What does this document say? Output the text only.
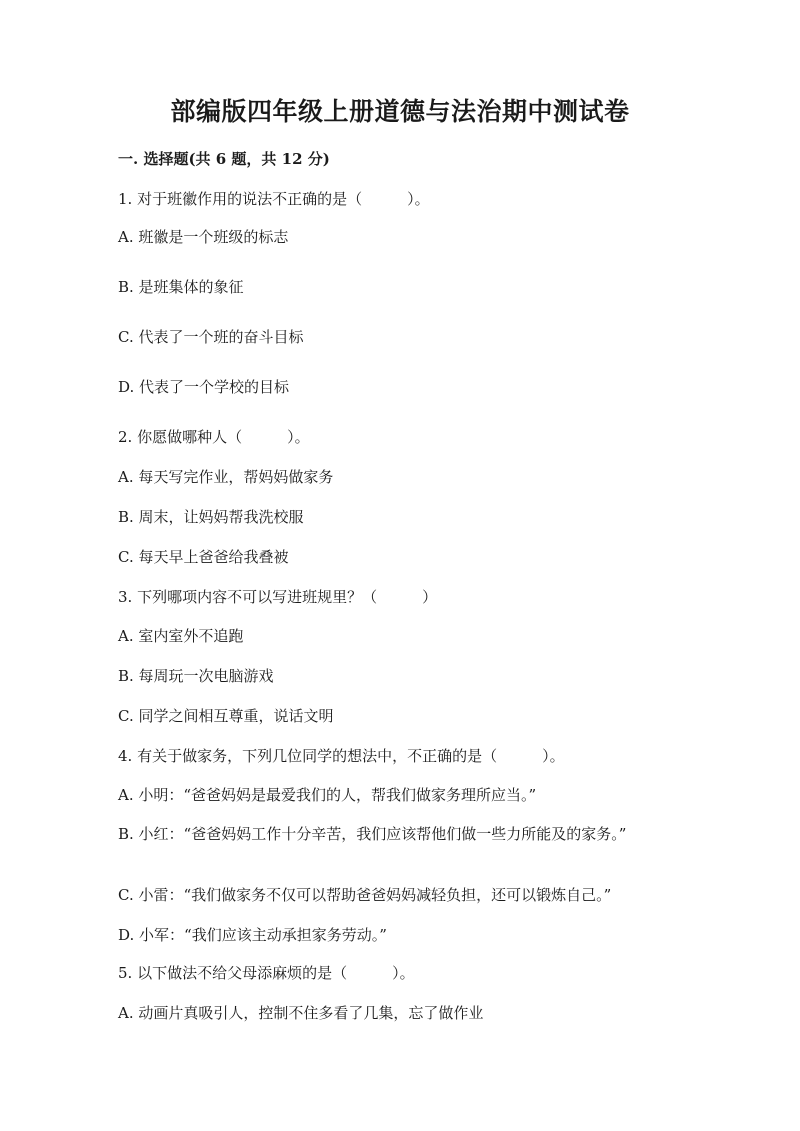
部编版四年级上册道德与法治期中测试卷
一. 选择题(共 6 题，共 12 分)
1. 对于班徽作用的说法不正确的是（　　　）。
A. 班徽是一个班级的标志
B. 是班集体的象征
C. 代表了一个班的奋斗目标
D. 代表了一个学校的目标
2. 你愿做哪种人（　　　）。
A. 每天写完作业，帮妈妈做家务
B. 周末，让妈妈帮我洗校服
C. 每天早上爸爸给我叠被
3. 下列哪项内容不可以写进班规里？（　　　）
A. 室内室外不追跑
B. 每周玩一次电脑游戏
C. 同学之间相互尊重，说话文明
4. 有关于做家务，下列几位同学的想法中，不正确的是（　　　）。
A. 小明：“爸爸妈妈是最爱我们的人，帮我们做家务理所应当。”
B. 小红：“爸爸妈妈工作十分辛苦，我们应该帮他们做一些力所能及的家务。”
C. 小雷：“我们做家务不仅可以帮助爸爸妈妈减轻负担，还可以锻炼自己。”
D. 小军：“我们应该主动承担家务劳动。”
5. 以下做法不给父母添麻烦的是（　　　）。
A. 动画片真吸引人，控制不住多看了几集，忘了做作业
